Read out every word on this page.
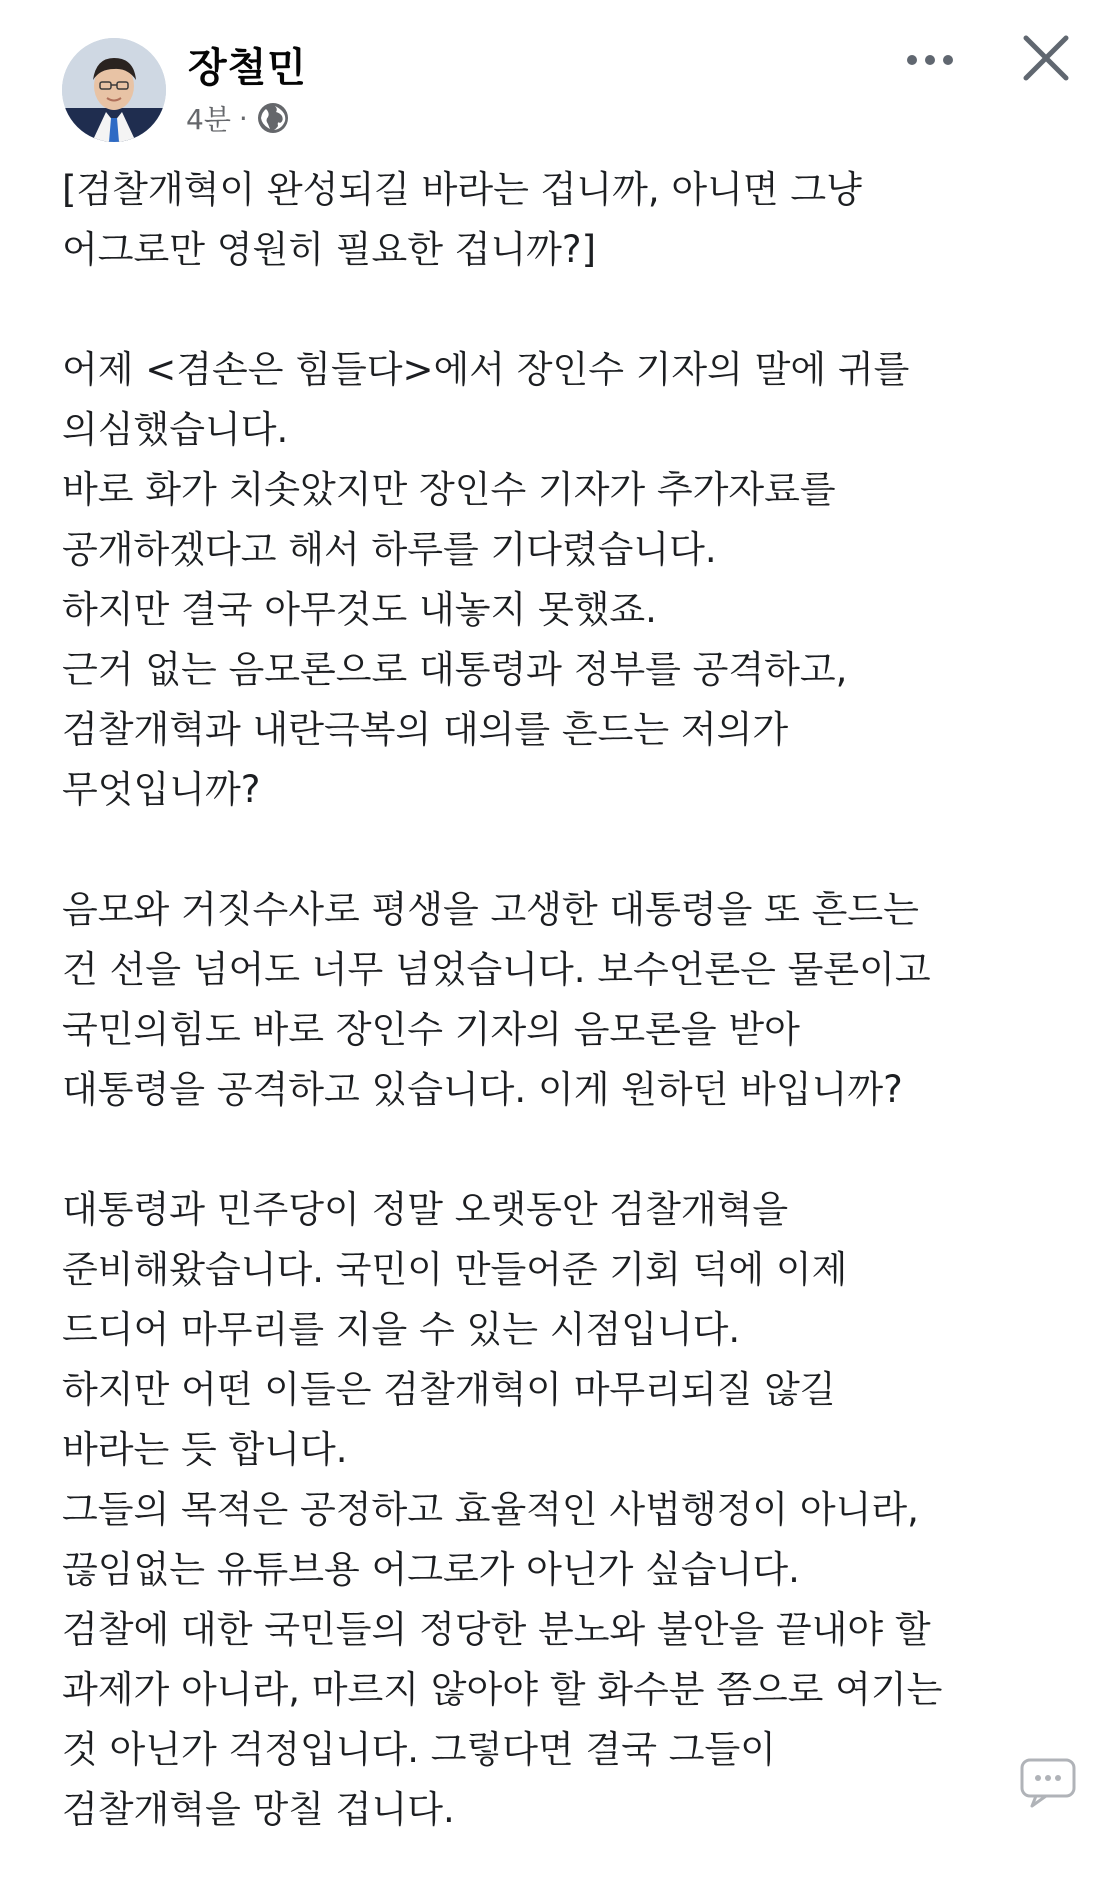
장철민
4분 ·
[검찰개혁이 완성되길 바라는 겁니까, 아니면 그냥
어그로만 영원히 필요한 겁니까?]
어제 <겸손은 힘들다>에서 장인수 기자의 말에 귀를
의심했습니다.
바로 화가 치솟았지만 장인수 기자가 추가자료를
공개하겠다고 해서 하루를 기다렸습니다.
하지만 결국 아무것도 내놓지 못했죠.
근거 없는 음모론으로 대통령과 정부를 공격하고,
검찰개혁과 내란극복의 대의를 흔드는 저의가
무엇입니까?
음모와 거짓수사로 평생을 고생한 대통령을 또 흔드는
건 선을 넘어도 너무 넘었습니다. 보수언론은 물론이고
국민의힘도 바로 장인수 기자의 음모론을 받아
대통령을 공격하고 있습니다. 이게 원하던 바입니까?
대통령과 민주당이 정말 오랫동안 검찰개혁을
준비해왔습니다. 국민이 만들어준 기회 덕에 이제
드디어 마무리를 지을 수 있는 시점입니다.
하지만 어떤 이들은 검찰개혁이 마무리되질 않길
바라는 듯 합니다.
그들의 목적은 공정하고 효율적인 사법행정이 아니라,
끊임없는 유튜브용 어그로가 아닌가 싶습니다.
검찰에 대한 국민들의 정당한 분노와 불안을 끝내야 할
과제가 아니라, 마르지 않아야 할 화수분 쯤으로 여기는
것 아닌가 걱정입니다. 그렇다면 결국 그들이
검찰개혁을 망칠 겁니다.
